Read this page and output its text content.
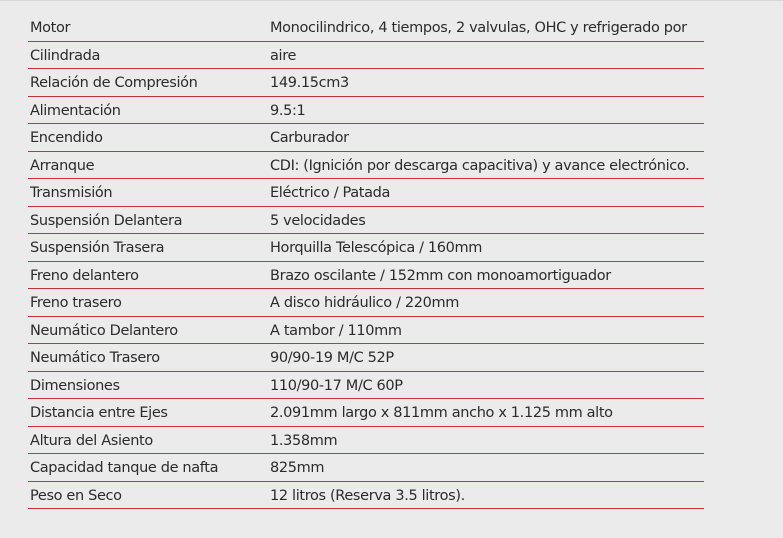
Motor	Monocilindrico, 4 tiempos, 2 valvulas, OHC y refrigerado por
Cilindrada	aire
Relación de Compresión	149.15cm3
Alimentación	9.5:1
Encendido	Carburador
Arranque	CDI: (Ignición por descarga capacitiva) y avance electrónico.
Transmisión	Eléctrico / Patada
Suspensión Delantera	5 velocidades
Suspensión Trasera	Horquilla Telescópica / 160mm
Freno delantero	Brazo oscilante / 152mm con monoamortiguador
Freno trasero	A disco hidráulico / 220mm
Neumático Delantero	A tambor / 110mm
Neumático Trasero	90/90-19 M/C 52P
Dimensiones	110/90-17 M/C 60P
Distancia entre Ejes	2.091mm largo x 811mm ancho x 1.125 mm alto
Altura del Asiento	1.358mm
Capacidad tanque de nafta	825mm
Peso en Seco	12 litros (Reserva 3.5 litros).
